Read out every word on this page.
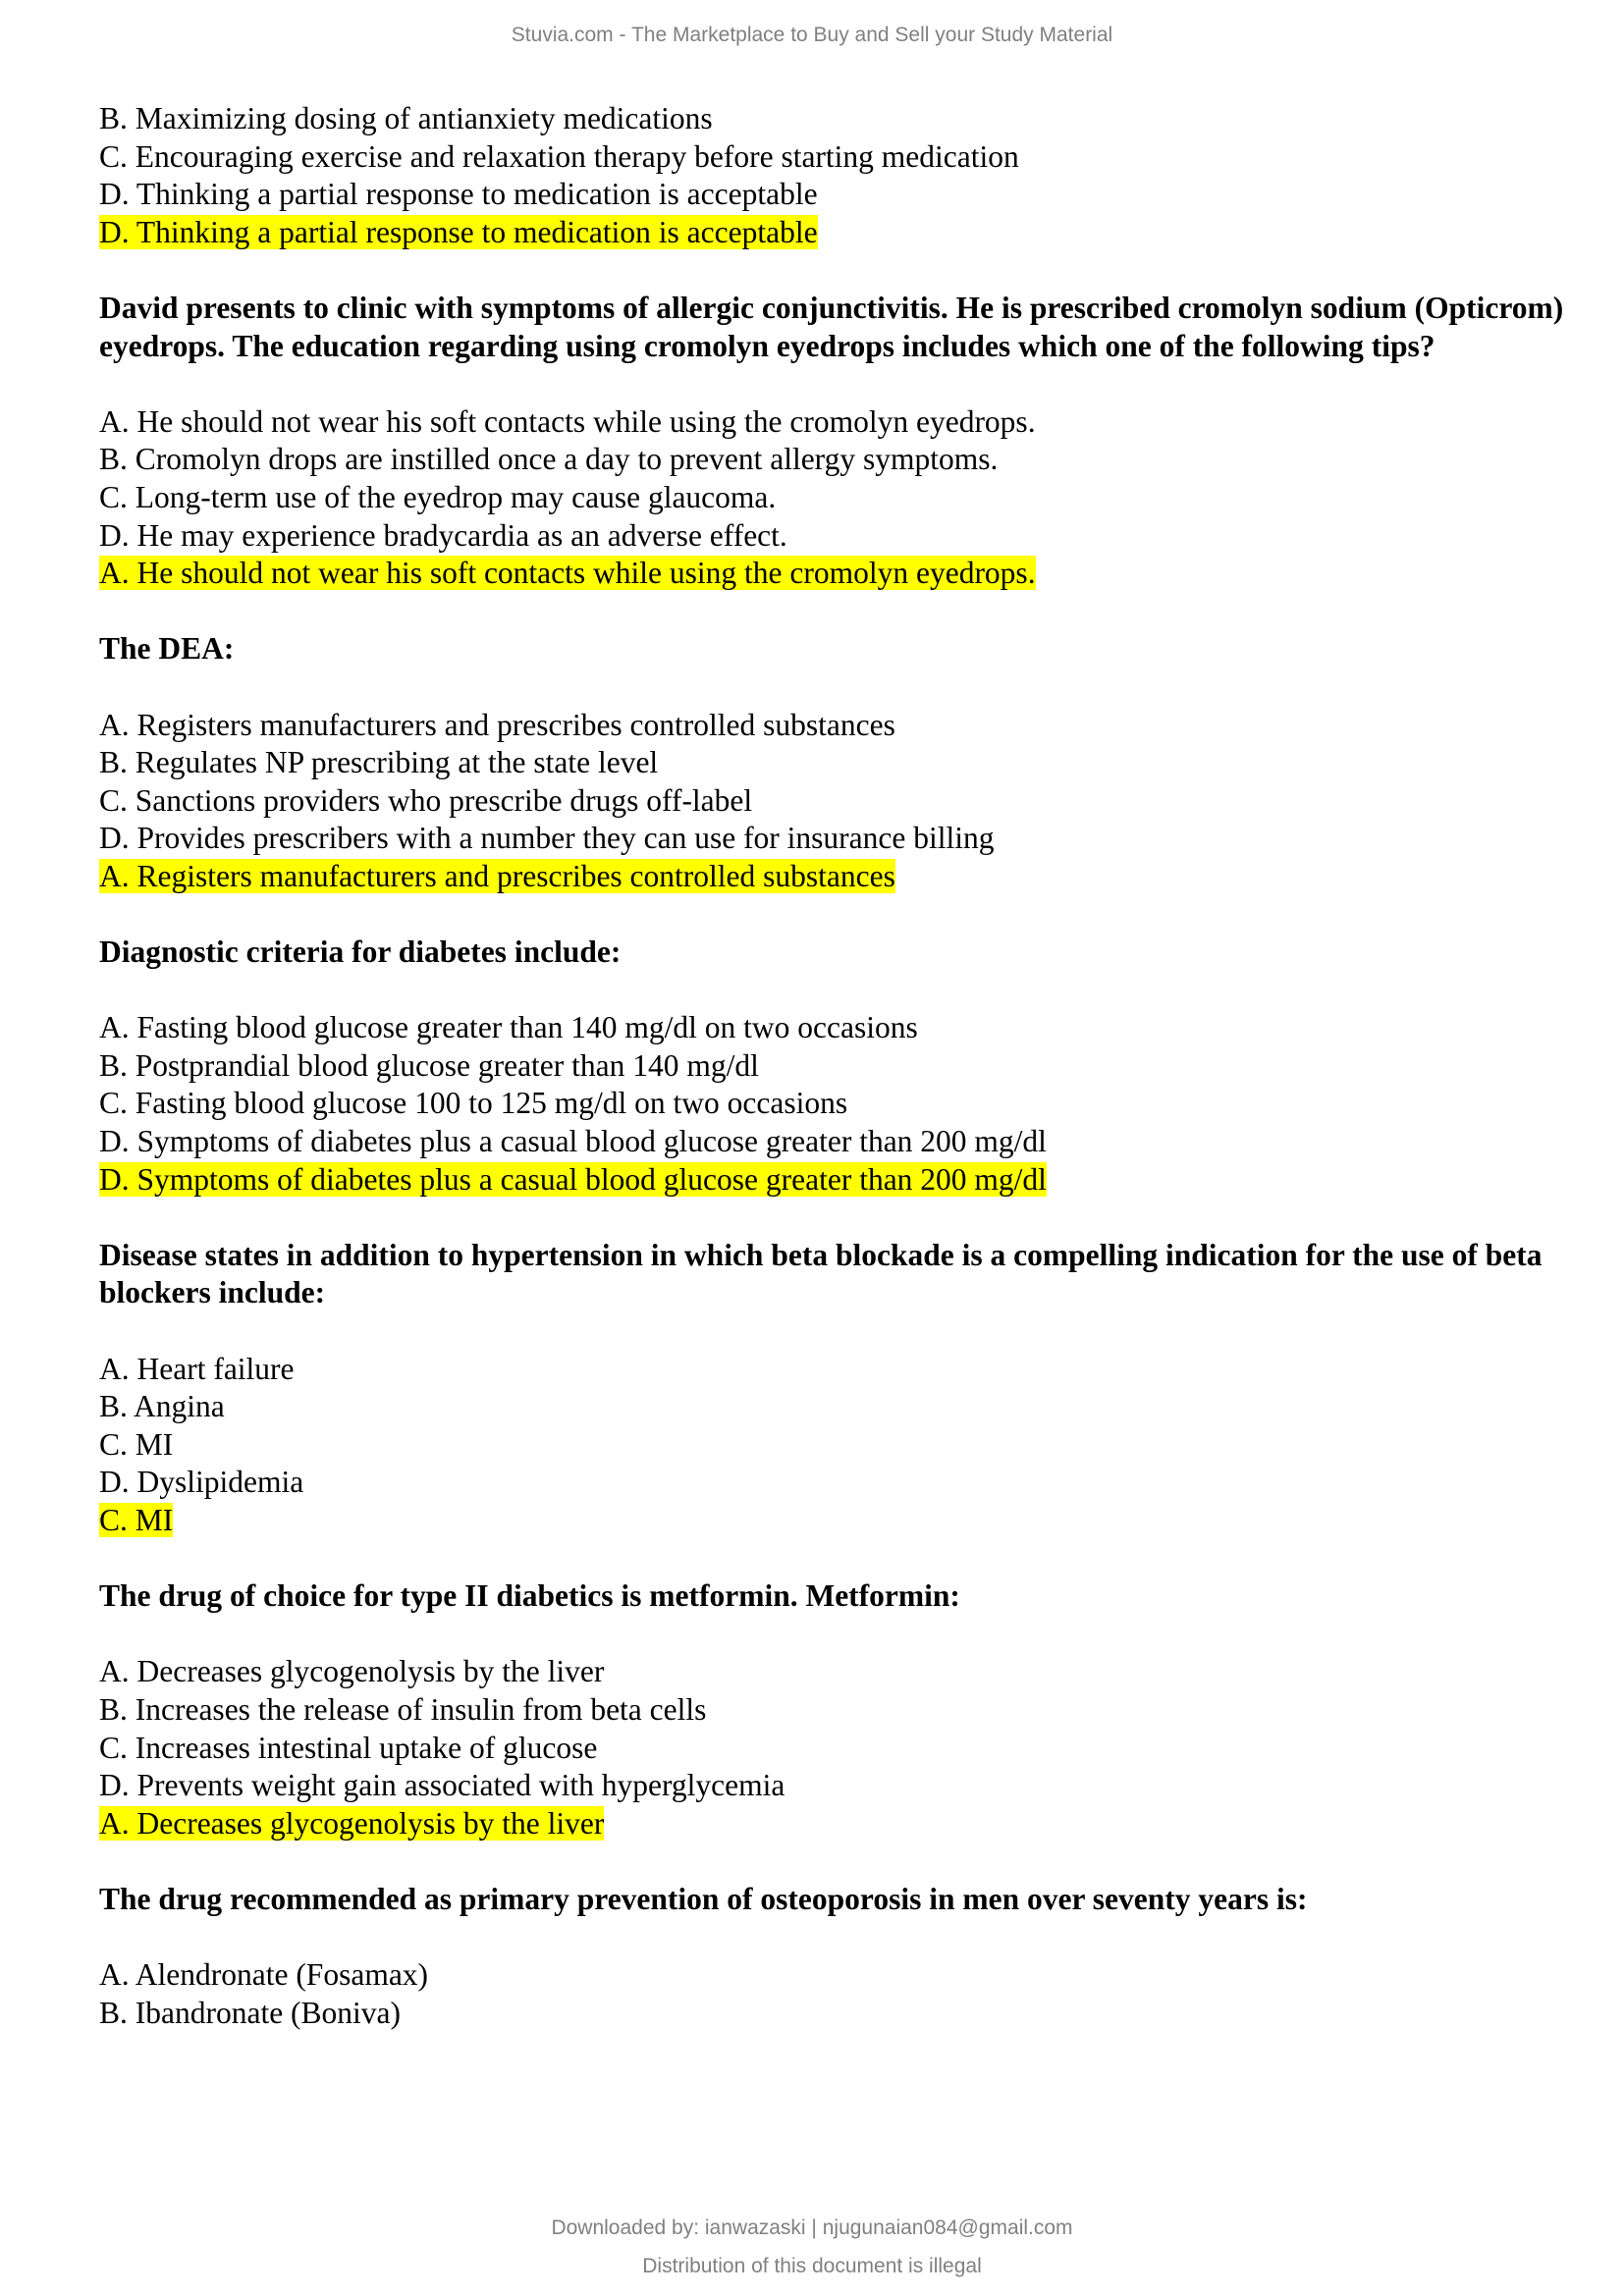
Stuvia.com - The Marketplace to Buy and Sell your Study Material
B. Maximizing dosing of antianxiety medications
C. Encouraging exercise and relaxation therapy before starting medication
D. Thinking a partial response to medication is acceptable
D. Thinking a partial response to medication is acceptable
David presents to clinic with symptoms of allergic conjunctivitis. He is prescribed cromolyn sodium (Opticrom) eyedrops. The education regarding using cromolyn eyedrops includes which one of the following tips?
A. He should not wear his soft contacts while using the cromolyn eyedrops.
B. Cromolyn drops are instilled once a day to prevent allergy symptoms.
C. Long-term use of the eyedrop may cause glaucoma.
D. He may experience bradycardia as an adverse effect.
A. He should not wear his soft contacts while using the cromolyn eyedrops.
The DEA:
A. Registers manufacturers and prescribes controlled substances
B. Regulates NP prescribing at the state level
C. Sanctions providers who prescribe drugs off-label
D. Provides prescribers with a number they can use for insurance billing
A. Registers manufacturers and prescribes controlled substances
Diagnostic criteria for diabetes include:
A. Fasting blood glucose greater than 140 mg/dl on two occasions
B. Postprandial blood glucose greater than 140 mg/dl
C. Fasting blood glucose 100 to 125 mg/dl on two occasions
D. Symptoms of diabetes plus a casual blood glucose greater than 200 mg/dl
D. Symptoms of diabetes plus a casual blood glucose greater than 200 mg/dl
Disease states in addition to hypertension in which beta blockade is a compelling indication for the use of beta blockers include:
A. Heart failure
B. Angina
C. MI
D. Dyslipidemia
C. MI
The drug of choice for type II diabetics is metformin. Metformin:
A. Decreases glycogenolysis by the liver
B. Increases the release of insulin from beta cells
C. Increases intestinal uptake of glucose
D. Prevents weight gain associated with hyperglycemia
A. Decreases glycogenolysis by the liver
The drug recommended as primary prevention of osteoporosis in men over seventy years is:
A. Alendronate (Fosamax)
B. Ibandronate (Boniva)
Downloaded by: ianwazaski | njugunaian084@gmail.com
Distribution of this document is illegal
